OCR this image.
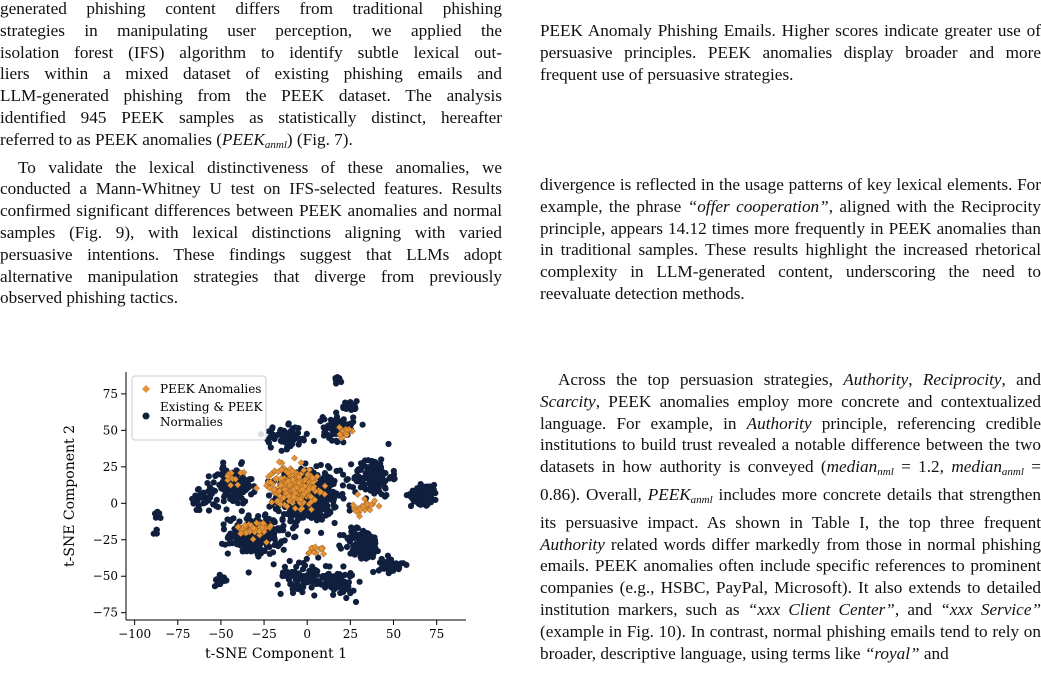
generated phishing content differs from traditional phishing
strategies in manipulating user perception, we applied the
isolation forest (IFS) algorithm to identify subtle lexical out-
liers within a mixed dataset of existing phishing emails and
LLM-generated phishing from the PEEK dataset. The analysis
identified 945 PEEK samples as statistically distinct, hereafter
referred to as PEEK anomalies $(PEEK_{anml})$ (Fig. 7).

To validate the lexical distinctiveness of these anomalies, we conducted a Mann-Whitney U test on IFS-selected features. Results confirmed significant differences between PEEK anomalies and normal samples (Fig. 9), with lexical distinctions aligning with varied persuasive intentions. These findings suggest that LLMs adopt alternative manipulation strategies that diverge from previously observed phishing tactics.

−100 −75 −50 −25 0	25 50 75
75
50
25
0
−25
−50
−75
t-SNE Component 1
t-SNE Component 2
PEEK Anomalies
Existing & PEEK
Normalies

PEEK Anomaly Phishing Emails. Higher scores indicate greater use of persuasive principles. PEEK anomalies display broader and more frequent use of persuasive strategies.

divergence is reflected in the usage patterns of key lexical elements. For example, the phrase “offer cooperation”, aligned with the Reciprocity principle, appears 14.12 times more frequently in PEEK anomalies than in traditional samples. These results highlight the increased rhetorical complexity in LLM-generated content, underscoring the need to reevaluate detection methods.

Across the top persuasion strategies, Authority, Reciprocity, and Scarcity, PEEK anomalies employ more concrete and contextualized language. For example, in Authority principle, referencing credible institutions to build trust revealed a notable difference between the two datasets in how authority is conveyed (median$_{nml}$ = 1.2, median$_{anml}$ = 0.86). Overall, $PEEK_{anml}$ includes more concrete details that strengthen its persuasive impact. As shown in Table I, the top three frequent Authority related words differ markedly from those in normal phishing emails. PEEK anomalies often include specific references to prominent companies (e.g., HSBC, PayPal, Microsoft). It also extends to detailed institution markers, such as “xxx Client Center”, and “xxx Service” (example in Fig. 10). In contrast, normal phishing emails tend to rely on broader, descriptive language, using terms like “royal” and
